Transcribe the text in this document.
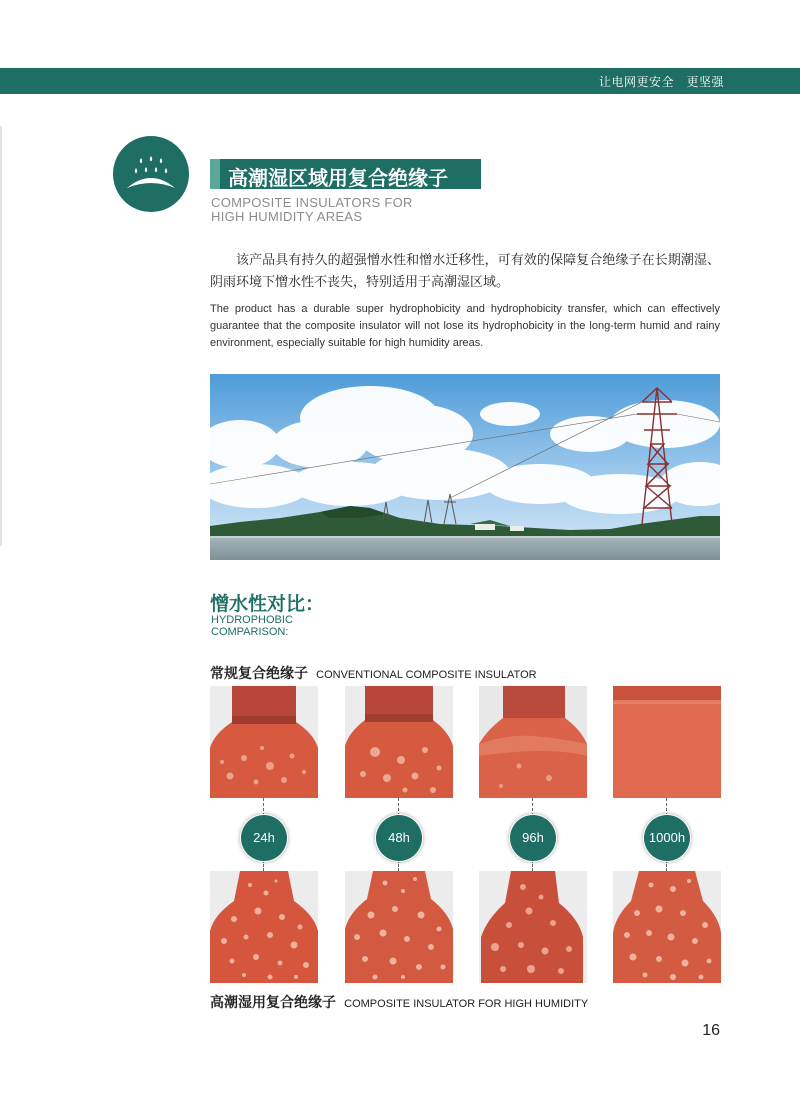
让电网更安全　更坚强
高潮湿区域用复合绝缘子
COMPOSITE INSULATORS FOR
HIGH HUMIDITY AREAS

该产品具有持久的超强憎水性和憎水迁移性，可有效的保障复合绝缘子在长期潮湿、阴雨环境下憎水性不丧失，特别适用于高潮湿区域。

The product has a durable super hydrophobicity and hydrophobicity transfer, which can effectively guarantee that the composite insulator will not lose its hydrophobicity in the long-term humid and rainy environment, especially suitable for high humidity areas.

憎水性对比：
HYDROPHOBIC
COMPARISON:
常规复合绝缘子 CONVENTIONAL COMPOSITE INSULATOR
24h	48h	96h	1000h
高潮湿用复合绝缘子 COMPOSITE INSULATOR FOR HIGH HUMIDITY
16
